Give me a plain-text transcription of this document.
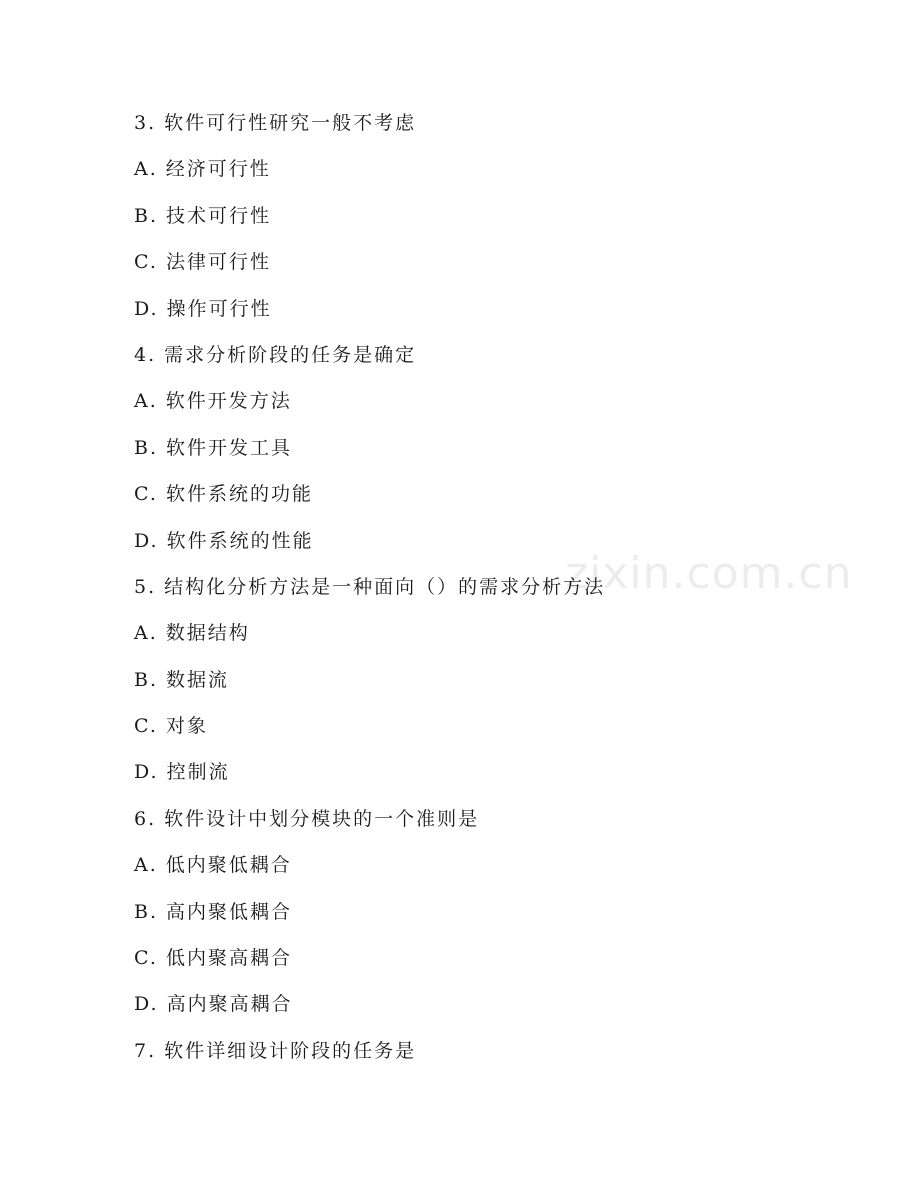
3. 软件可行性研究一般不考虑
A. 经济可行性
B. 技术可行性
C. 法律可行性
D. 操作可行性
4. 需求分析阶段的任务是确定
A. 软件开发方法
B. 软件开发工具
C. 软件系统的功能
D. 软件系统的性能
5. 结构化分析方法是一种面向（）的需求分析方法
A. 数据结构
B. 数据流
C. 对象
D. 控制流
6. 软件设计中划分模块的一个准则是
A. 低内聚低耦合
B. 高内聚低耦合
C. 低内聚高耦合
D. 高内聚高耦合
7. 软件详细设计阶段的任务是
zixin.com.cn
